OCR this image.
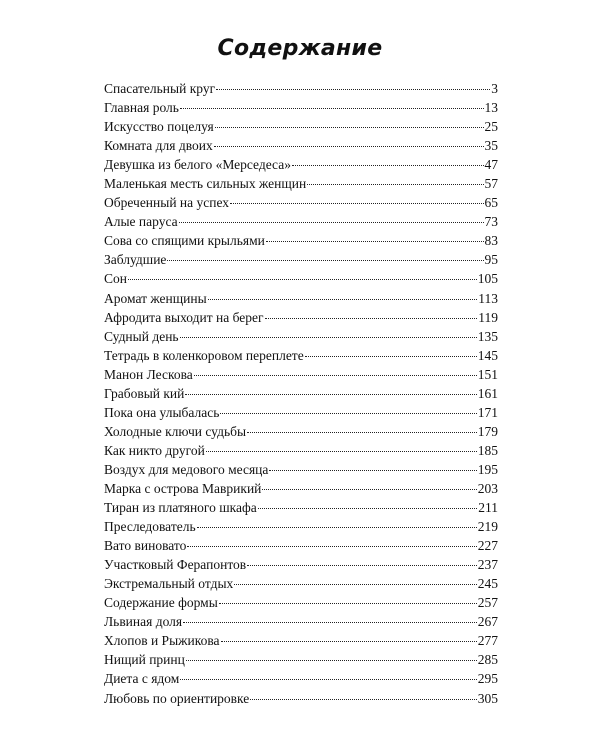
Содержание
Спасательный круг	3
Главная роль	13
Искусство поцелуя	25
Комната для двоих	35
Девушка из белого «Мерседеса»	47
Маленькая месть сильных женщин	57
Обреченный на успех	65
Алые паруса	73
Сова со спящими крыльями	83
Заблудшие	95
Сон	105
Аромат женщины	113
Афродита выходит на берег	119
Судный день	135
Тетрадь в коленкоровом переплете	145
Манон Лескова	151
Грабовый кий	161
Пока она улыбалась	171
Холодные ключи судьбы	179
Как никто другой	185
Воздух для медового месяца	195
Марка с острова Маврикий	203
Тиран из платяного шкафа	211
Преследователь	219
Вато виновато	227
Участковый Ферапонтов	237
Экстремальный отдых	245
Содержание формы	257
Львиная доля	267
Хлопов и Рыжикова	277
Нищий принц	285
Диета с ядом	295
Любовь по ориентировке	305
